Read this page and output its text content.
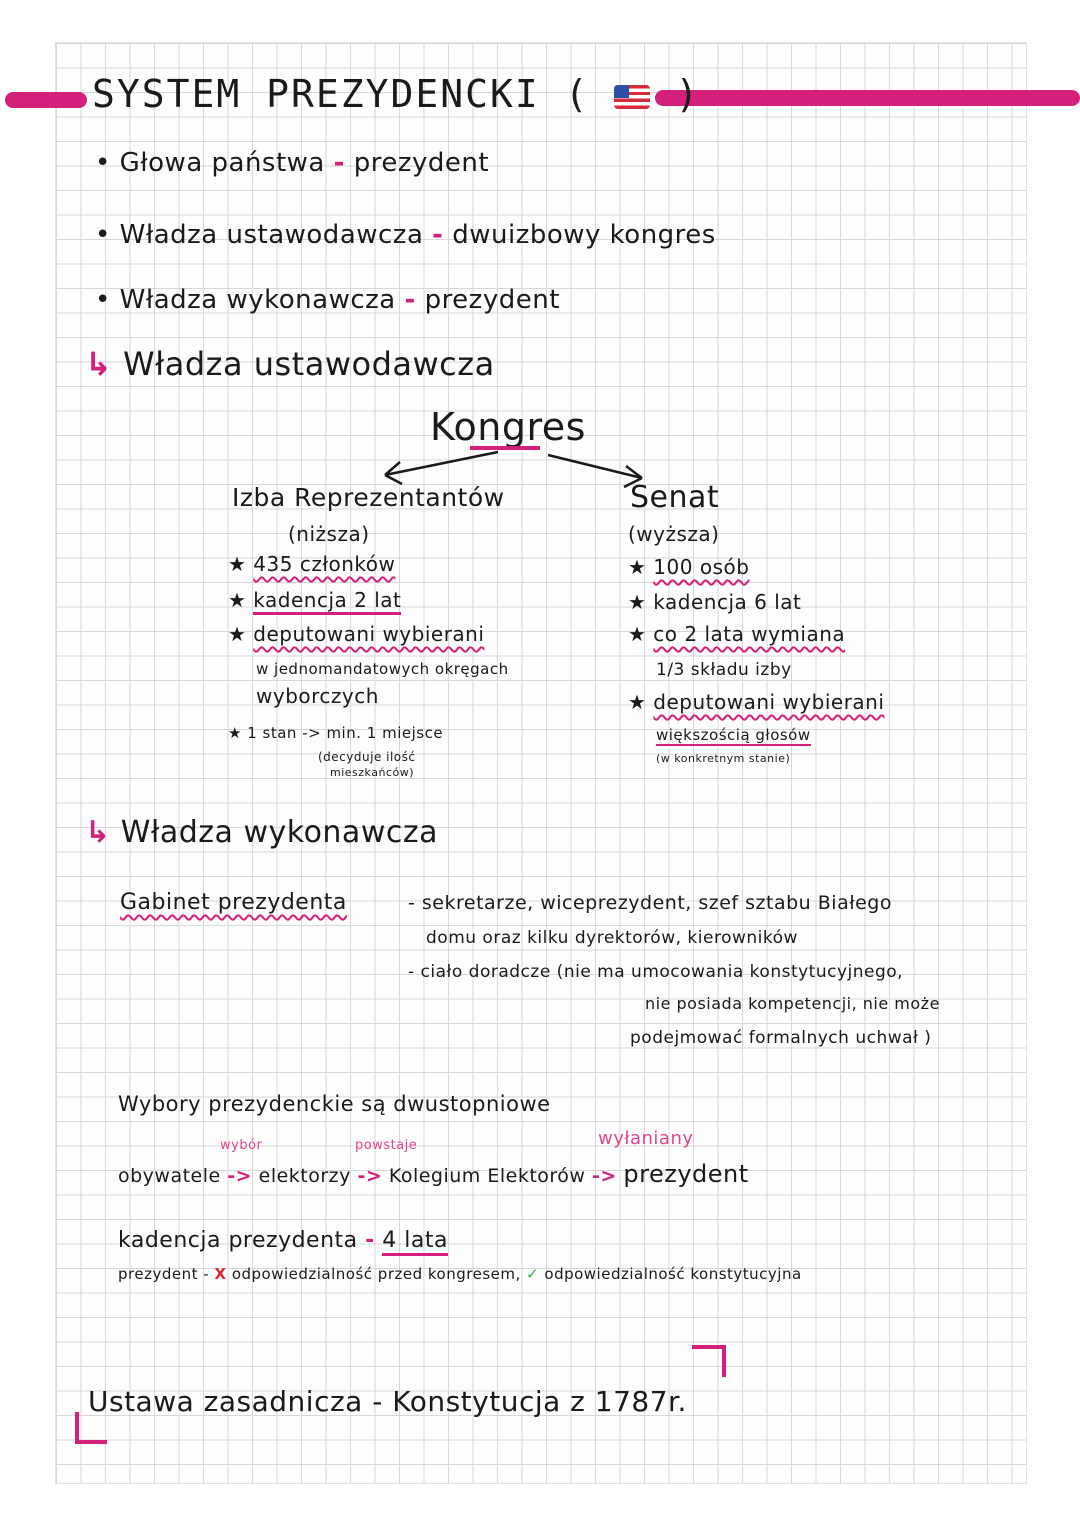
SYSTEM PREZYDENCKI ( )
• Głowa państwa - prezydent
• Władza ustawodawcza - dwuizbowy kongres
• Władza wykonawcza - prezydent
↳ Władza ustawodawcza
Kongres
Izba Reprezentantów
(niższa)
★ 435 członków
★ kadencja 2 lat
★ deputowani wybierani
w jednomandatowych okręgach
wyborczych
★ 1 stan -> min. 1 miejsce
(decyduje ilość
mieszkańców)
Senat
(wyższa)
★ 100 osób
★ kadencja 6 lat
★ co 2 lata wymiana
1/3 składu izby
★ deputowani wybierani
większością głosów
(w konkretnym stanie)
↳ Władza wykonawcza
Gabinet prezydenta	- sekretarze, wiceprezydent, szef sztabu Białego
domu oraz kilku dyrektorów, kierowników
- ciało doradcze (nie ma umocowania konstytucyjnego,
nie posiada kompetencji, nie może
podejmować formalnych uchwał )
Wybory prezydenckie są dwustopniowe
wybór	powstaje	wyłaniany
obywatele -> elektorzy -> Kolegium Elektorów -> prezydent
kadencja prezydenta - 4 lata
prezydent - X odpowiedzialność przed kongresem, ✓ odpowiedzialność konstytucyjna
Ustawa zasadnicza - Konstytucja z 1787r.
